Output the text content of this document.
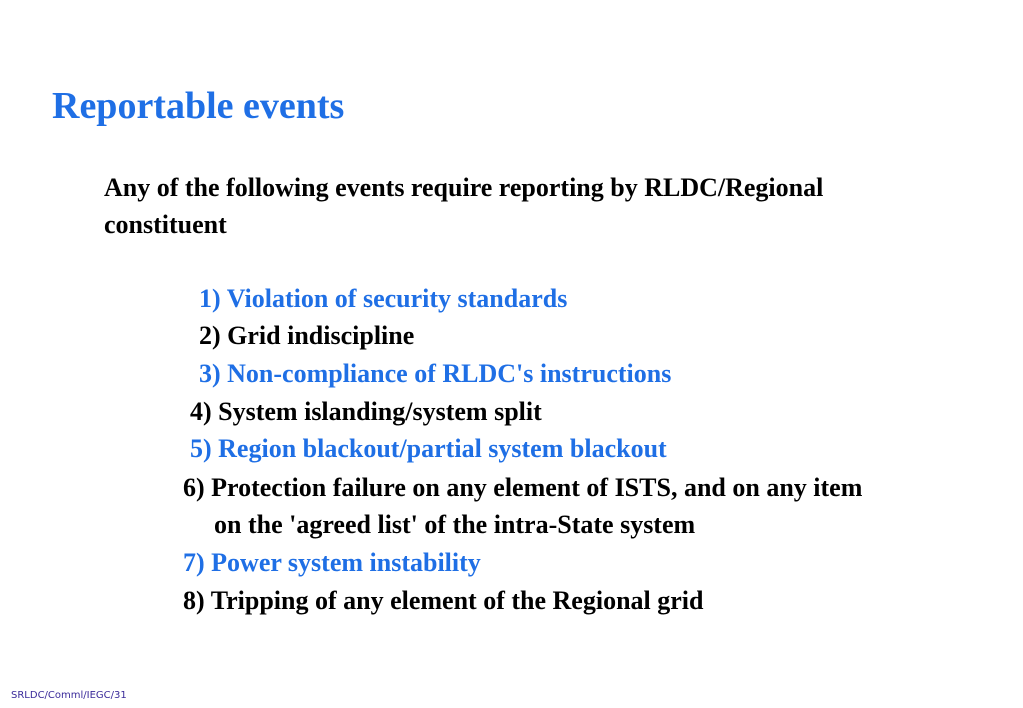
Reportable events
Any of the following events require reporting by RLDC/Regional
constituent
1) Violation of security standards
2) Grid indiscipline
3) Non-compliance of RLDC's instructions
4) System islanding/system split
5) Region blackout/partial system blackout
6) Protection failure on any element of ISTS, and on any item
on the 'agreed list' of the intra-State system
7) Power system instability
8) Tripping of any element of the Regional grid
SRLDC/Comml/IEGC/31
